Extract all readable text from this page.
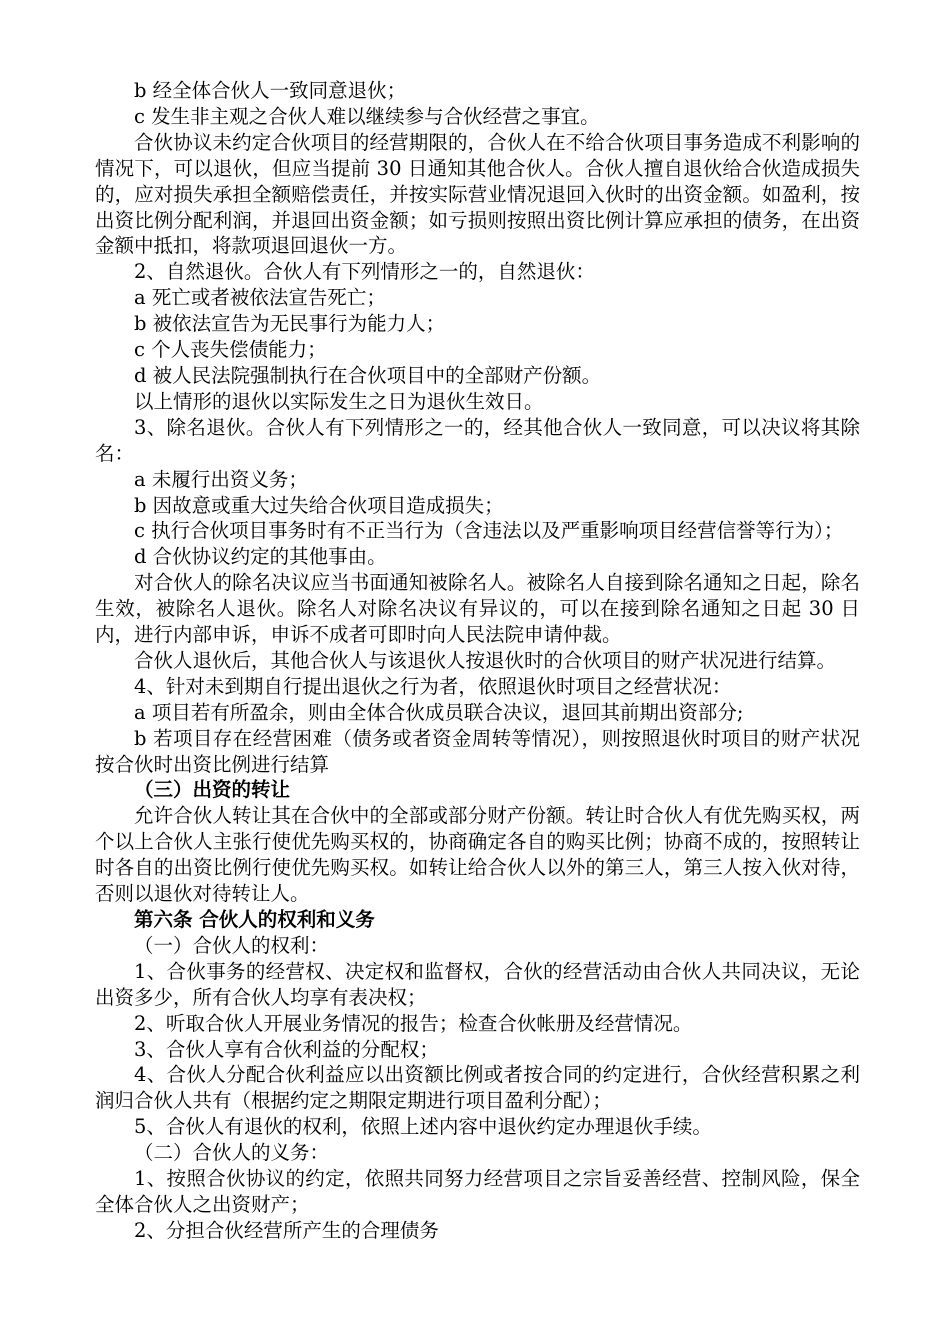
b 经全体合伙人一致同意退伙；

c 发生非主观之合伙人难以继续参与合伙经营之事宜。

合伙协议未约定合伙项目的经营期限的，合伙人在不给合伙项目事务造成不利影响的情况下，可以退伙，但应当提前 30 日通知其他合伙人。合伙人擅自退伙给合伙造成损失的，应对损失承担全额赔偿责任，并按实际营业情况退回入伙时的出资金额。如盈利，按出资比例分配利润，并退回出资金额；如亏损则按照出资比例计算应承担的债务，在出资金额中抵扣，将款项退回退伙一方。

2、自然退伙。合伙人有下列情形之一的，自然退伙：

a 死亡或者被依法宣告死亡；

b 被依法宣告为无民事行为能力人；

c 个人丧失偿债能力；

d 被人民法院强制执行在合伙项目中的全部财产份额。

以上情形的退伙以实际发生之日为退伙生效日。

3、除名退伙。合伙人有下列情形之一的，经其他合伙人一致同意，可以决议将其除名：

a 未履行出资义务；

b 因故意或重大过失给合伙项目造成损失；

c 执行合伙项目事务时有不正当行为（含违法以及严重影响项目经营信誉等行为）；

d 合伙协议约定的其他事由。

对合伙人的除名决议应当书面通知被除名人。被除名人自接到除名通知之日起，除名生效，被除名人退伙。除名人对除名决议有异议的，可以在接到除名通知之日起 30 日内，进行内部申诉，申诉不成者可即时向人民法院申请仲裁。

合伙人退伙后，其他合伙人与该退伙人按退伙时的合伙项目的财产状况进行结算。

4、针对未到期自行提出退伙之行为者，依照退伙时项目之经营状况：

a 项目若有所盈余，则由全体合伙成员联合决议，退回其前期出资部分;

b 若项目存在经营困难（债务或者资金周转等情况），则按照退伙时项目的财产状况按合伙时出资比例进行结算

（三）出资的转让

允许合伙人转让其在合伙中的全部或部分财产份额。转让时合伙人有优先购买权，两个以上合伙人主张行使优先购买权的，协商确定各自的购买比例；协商不成的，按照转让时各自的出资比例行使优先购买权。如转让给合伙人以外的第三人，第三人按入伙对待，否则以退伙对待转让人。

第六条 合伙人的权利和义务

（一）合伙人的权利：

1、合伙事务的经营权、决定权和监督权，合伙的经营活动由合伙人共同决议，无论出资多少，所有合伙人均享有表决权；

2、听取合伙人开展业务情况的报告；检查合伙帐册及经营情况。

3、合伙人享有合伙利益的分配权；

4、合伙人分配合伙利益应以出资额比例或者按合同的约定进行，合伙经营积累之利润归合伙人共有（根据约定之期限定期进行项目盈利分配）；

5、合伙人有退伙的权利，依照上述内容中退伙约定办理退伙手续。

（二）合伙人的义务：

1、按照合伙协议的约定，依照共同努力经营项目之宗旨妥善经营、控制风险，保全全体合伙人之出资财产；

2、分担合伙经营所产生的合理债务
